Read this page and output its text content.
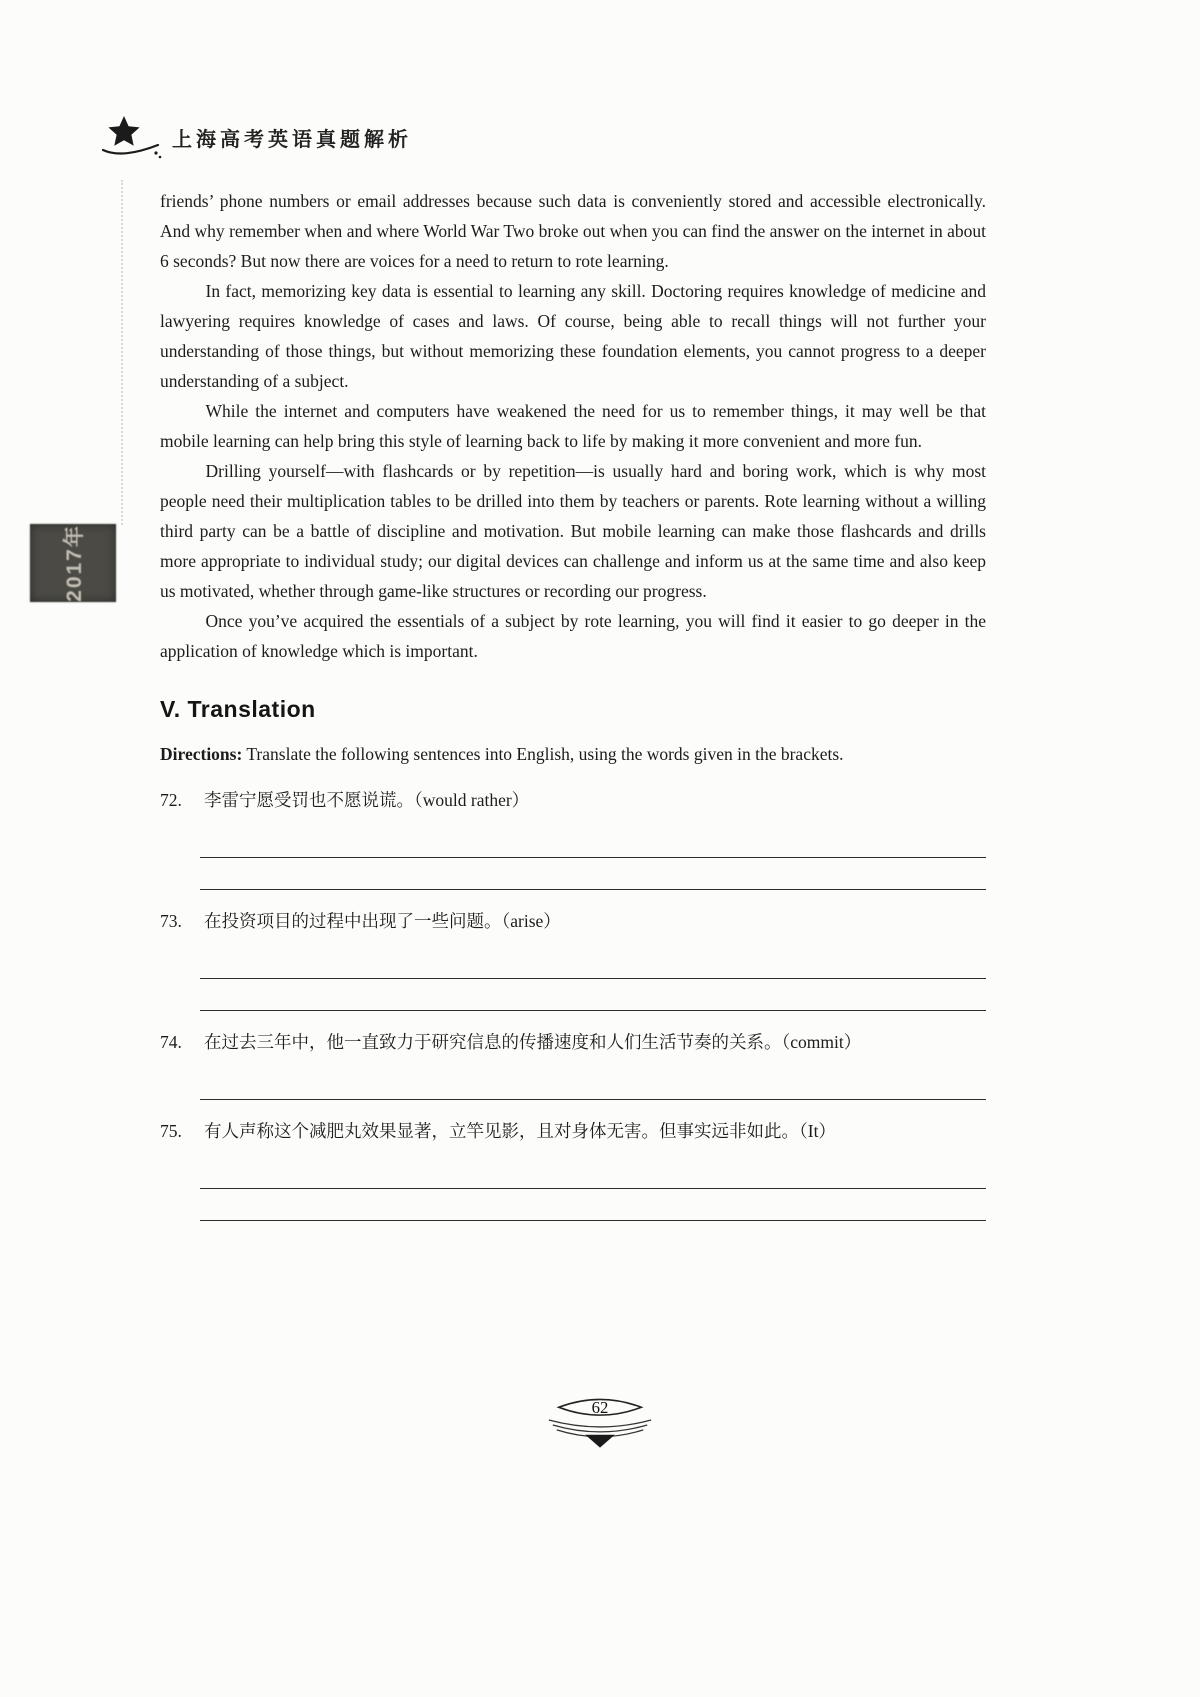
上海高考英语真题解析
2017年

friends’ phone numbers or email addresses because such data is conveniently stored and accessible electronically. And why remember when and where World War Two broke out when you can find the answer on the internet in about 6 seconds? But now there are voices for a need to return to rote learning.

In fact, memorizing key data is essential to learning any skill. Doctoring requires knowledge of medicine and lawyering requires knowledge of cases and laws. Of course, being able to recall things will not further your understanding of those things, but without memorizing these foundation elements, you cannot progress to a deeper understanding of a subject.

While the internet and computers have weakened the need for us to remember things, it may well be that mobile learning can help bring this style of learning back to life by making it more convenient and more fun.

Drilling yourself—with flashcards or by repetition—is usually hard and boring work, which is why most people need their multiplication tables to be drilled into them by teachers or parents. Rote learning without a willing third party can be a battle of discipline and motivation. But mobile learning can make those flashcards and drills more appropriate to individual study; our digital devices can challenge and inform us at the same time and also keep us motivated, whether through game-like structures or recording our progress.

Once you’ve acquired the essentials of a subject by rote learning, you will find it easier to go deeper in the application of knowledge which is important.

V. Translation

Directions: Translate the following sentences into English, using the words given in the brackets.

72.	李雷宁愿受罚也不愿说谎。（would rather）
73.	在投资项目的过程中出现了一些问题。（arise）
74.	在过去三年中，他一直致力于研究信息的传播速度和人们生活节奏的关系。（commit）
75.	有人声称这个减肥丸效果显著，立竿见影，且对身体无害。但事实远非如此。（It）
62
